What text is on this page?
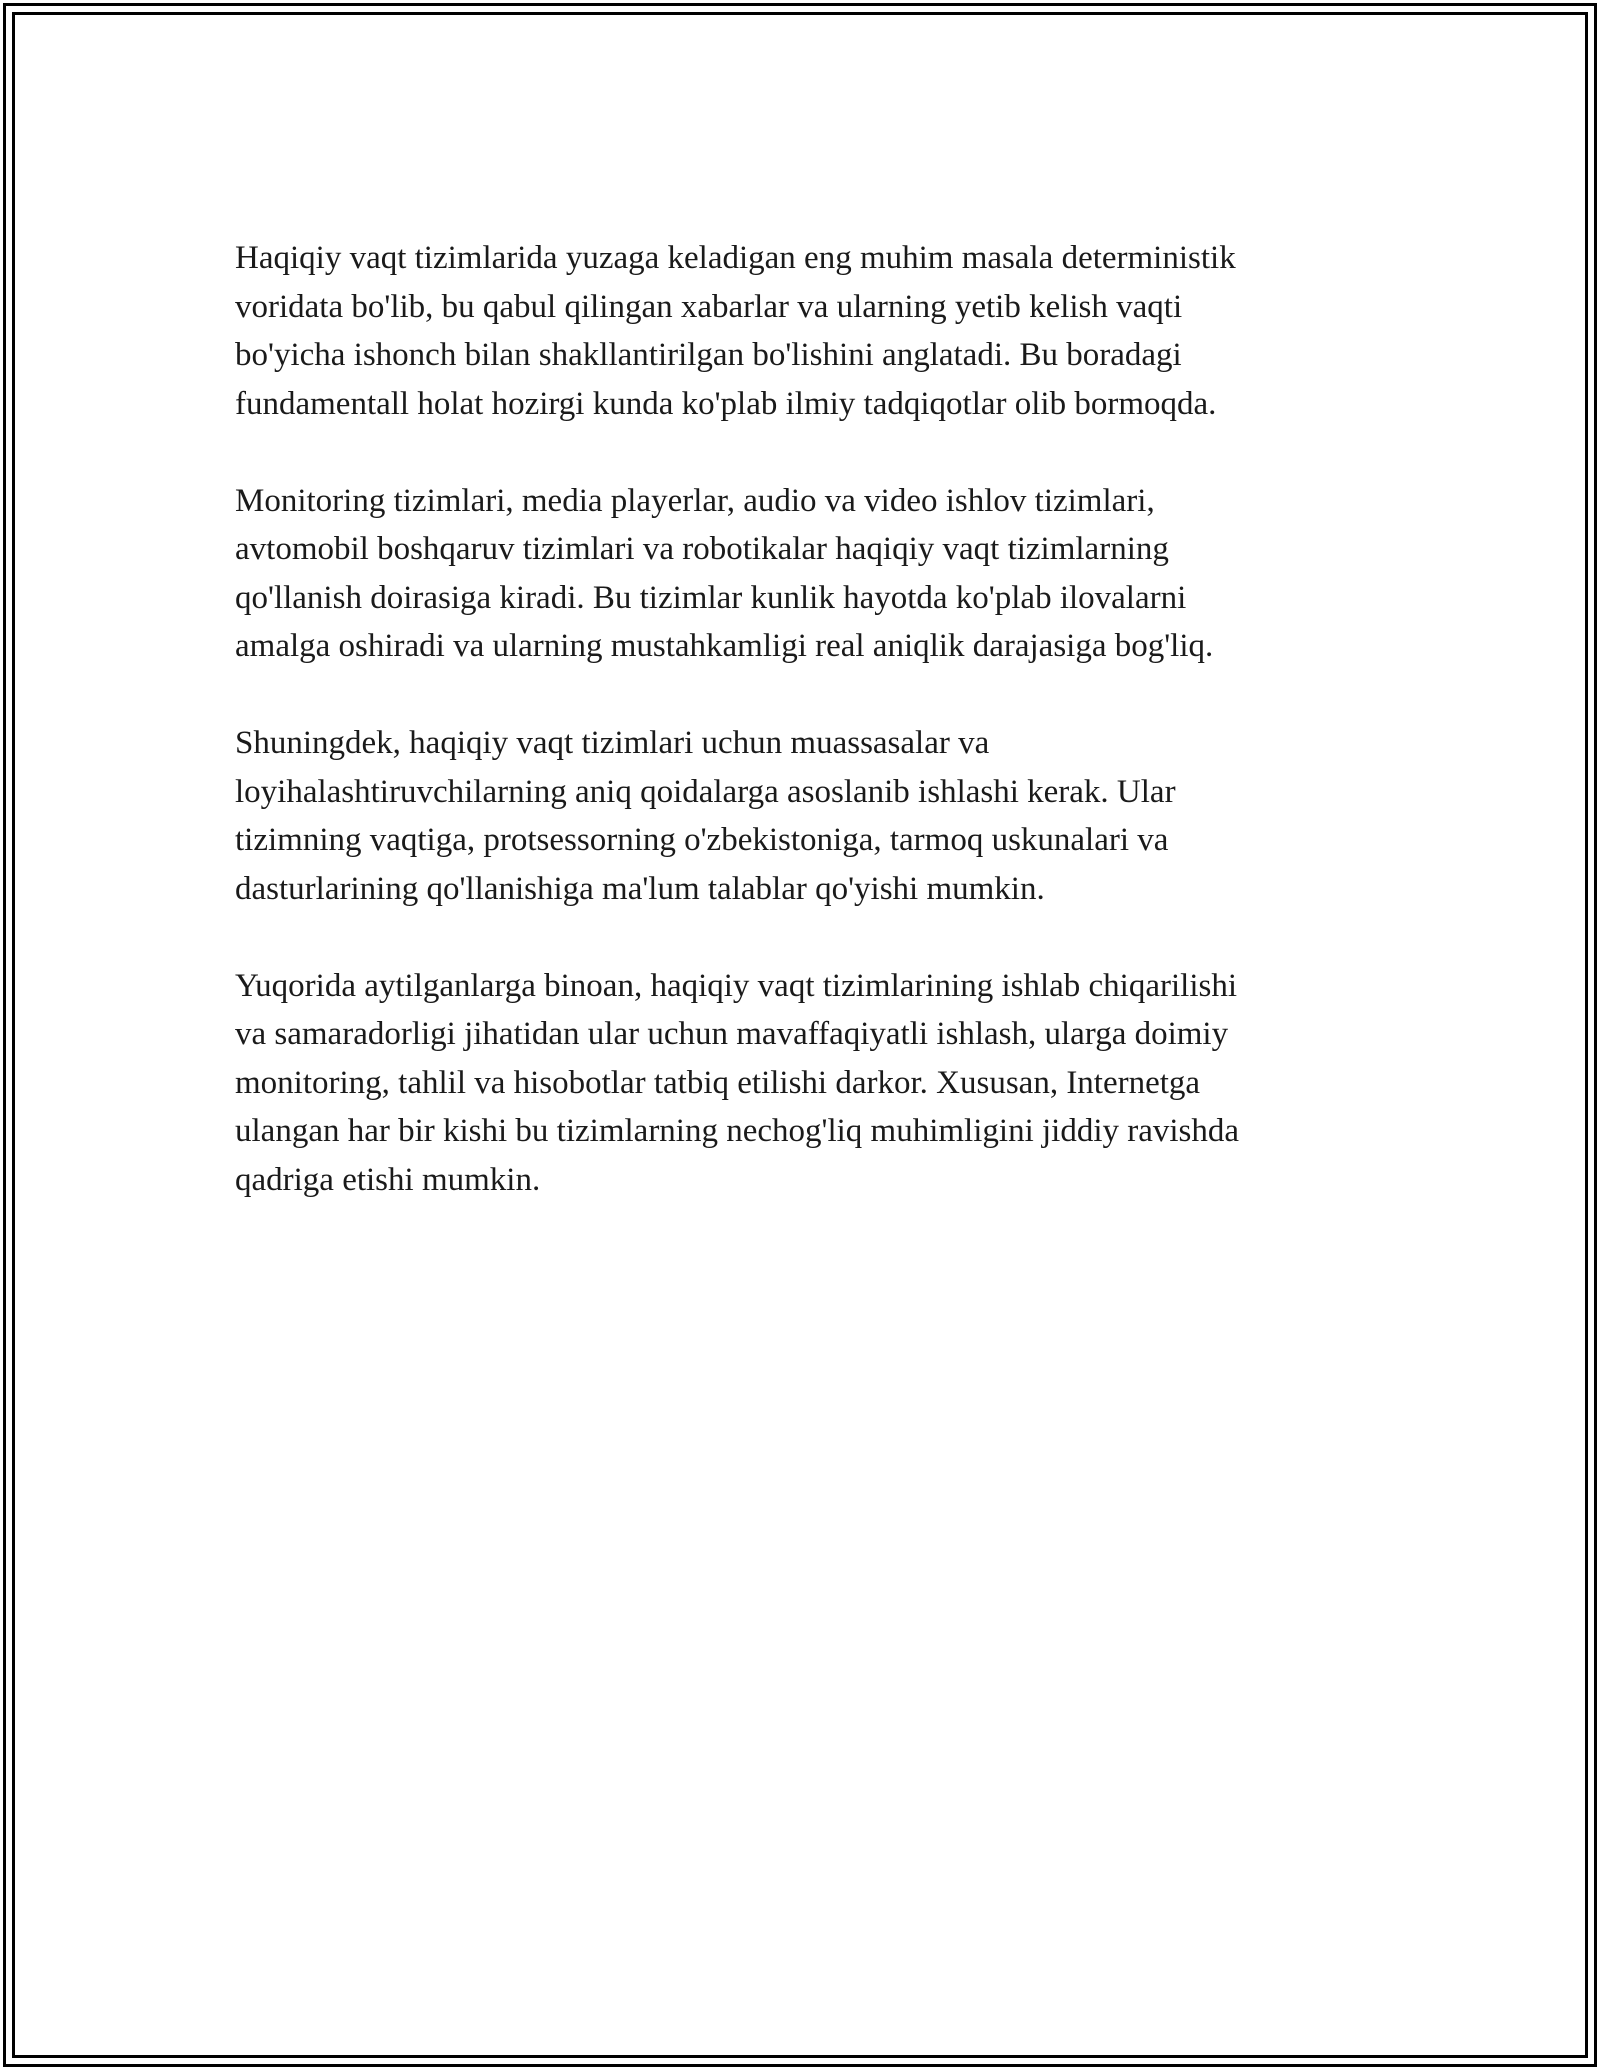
Haqiqiy vaqt tizimlarida yuzaga keladigan eng muhim masala deterministik
voridata bo'lib, bu qabul qilingan xabarlar va ularning yetib kelish vaqti
bo'yicha ishonch bilan shakllantirilgan bo'lishini anglatadi. Bu boradagi
fundamentall holat hozirgi kunda ko'plab ilmiy tadqiqotlar olib bormoqda.

Monitoring tizimlari, media playerlar, audio va video ishlov tizimlari,
avtomobil boshqaruv tizimlari va robotikalar haqiqiy vaqt tizimlarning
qo'llanish doirasiga kiradi. Bu tizimlar kunlik hayotda ko'plab ilovalarni
amalga oshiradi va ularning mustahkamligi real aniqlik darajasiga bog'liq.

Shuningdek, haqiqiy vaqt tizimlari uchun muassasalar va
loyihalashtiruvchilarning aniq qoidalarga asoslanib ishlashi kerak. Ular
tizimning vaqtiga, protsessorning o'zbekistoniga, tarmoq uskunalari va
dasturlarining qo'llanishiga ma'lum talablar qo'yishi mumkin.

Yuqorida aytilganlarga binoan, haqiqiy vaqt tizimlarining ishlab chiqarilishi
va samaradorligi jihatidan ular uchun mavaffaqiyatli ishlash, ularga doimiy
monitoring, tahlil va hisobotlar tatbiq etilishi darkor. Xususan, Internetga
ulangan har bir kishi bu tizimlarning nechog'liq muhimligini jiddiy ravishda
qadriga etishi mumkin.
